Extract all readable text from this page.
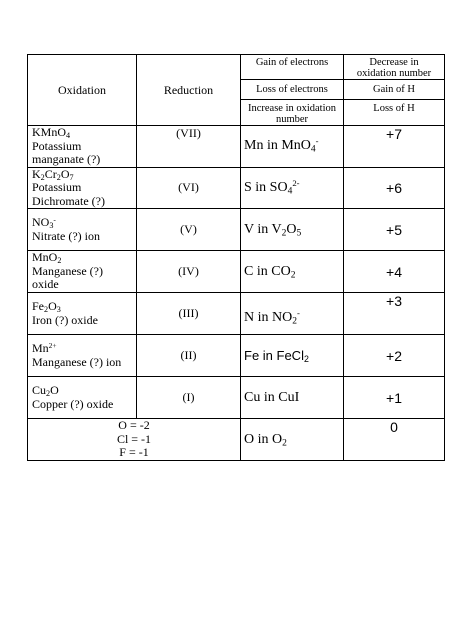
Oxidation	Reduction	Gain of electrons	Decrease in
oxidation number

		Loss of electrons	Gain of H

		Increase in oxidation
number	Loss of H

KMnO$_4$
Potassium
manganate (?)	(VII)	Mn in MnO$_4$-	+7

$K_2Cr_2O_7$
Potassium
Dichromate (?)	(VI)	S in $SO_4^{2-}$	+6

$NO_3^-$
Nitrate (?) ion	(V)	V in $V_2O_5$	+5

MnO$_2$
Manganese (?)
oxide	(IV)	C in $CO_2$	+4

$Fe_2O_3$
Iron (?) oxide	(III)	N in $NO_2^-$	+3

$Mn^{2+}$
Manganese (?) ion	(II)	Fe in FeCl$_2$	+2

$Cu_2O$
Copper (?) oxide	(I)	Cu in CuI	+1

O = -2
Cl = -1
F = -1		O in $O_2$	0
